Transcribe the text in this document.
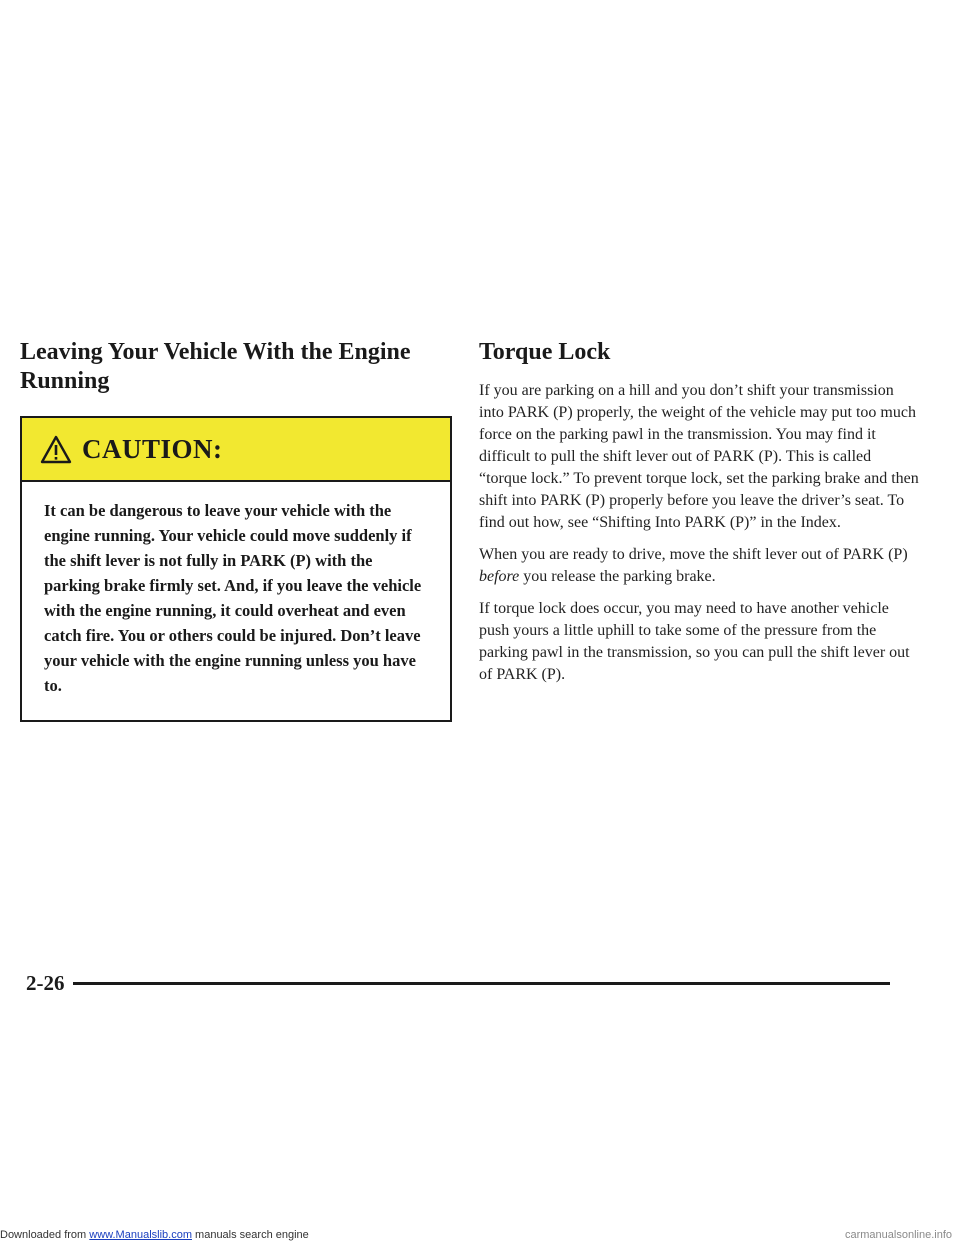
Leaving Your Vehicle With the Engine Running
CAUTION:
It can be dangerous to leave your vehicle with the engine running. Your vehicle could move suddenly if the shift lever is not fully in PARK (P) with the parking brake firmly set. And, if you leave the vehicle with the engine running, it could overheat and even catch fire. You or others could be injured. Don’t leave your vehicle with the engine running unless you have to.
Torque Lock

If you are parking on a hill and you don’t shift your transmission into PARK (P) properly, the weight of the vehicle may put too much force on the parking pawl in the transmission. You may find it difficult to pull the shift lever out of PARK (P). This is called “torque lock.” To prevent torque lock, set the parking brake and then shift into PARK (P) properly before you leave the driver’s seat. To find out how, see “Shifting Into PARK (P)” in the Index.

When you are ready to drive, move the shift lever out of PARK (P) before you release the parking brake.

If torque lock does occur, you may need to have another vehicle push yours a little uphill to take some of the pressure from the parking pawl in the transmission, so you can pull the shift lever out of PARK (P).

2-26
Downloaded from www.Manualslib.com manuals search engine	carmanualsonline.info
